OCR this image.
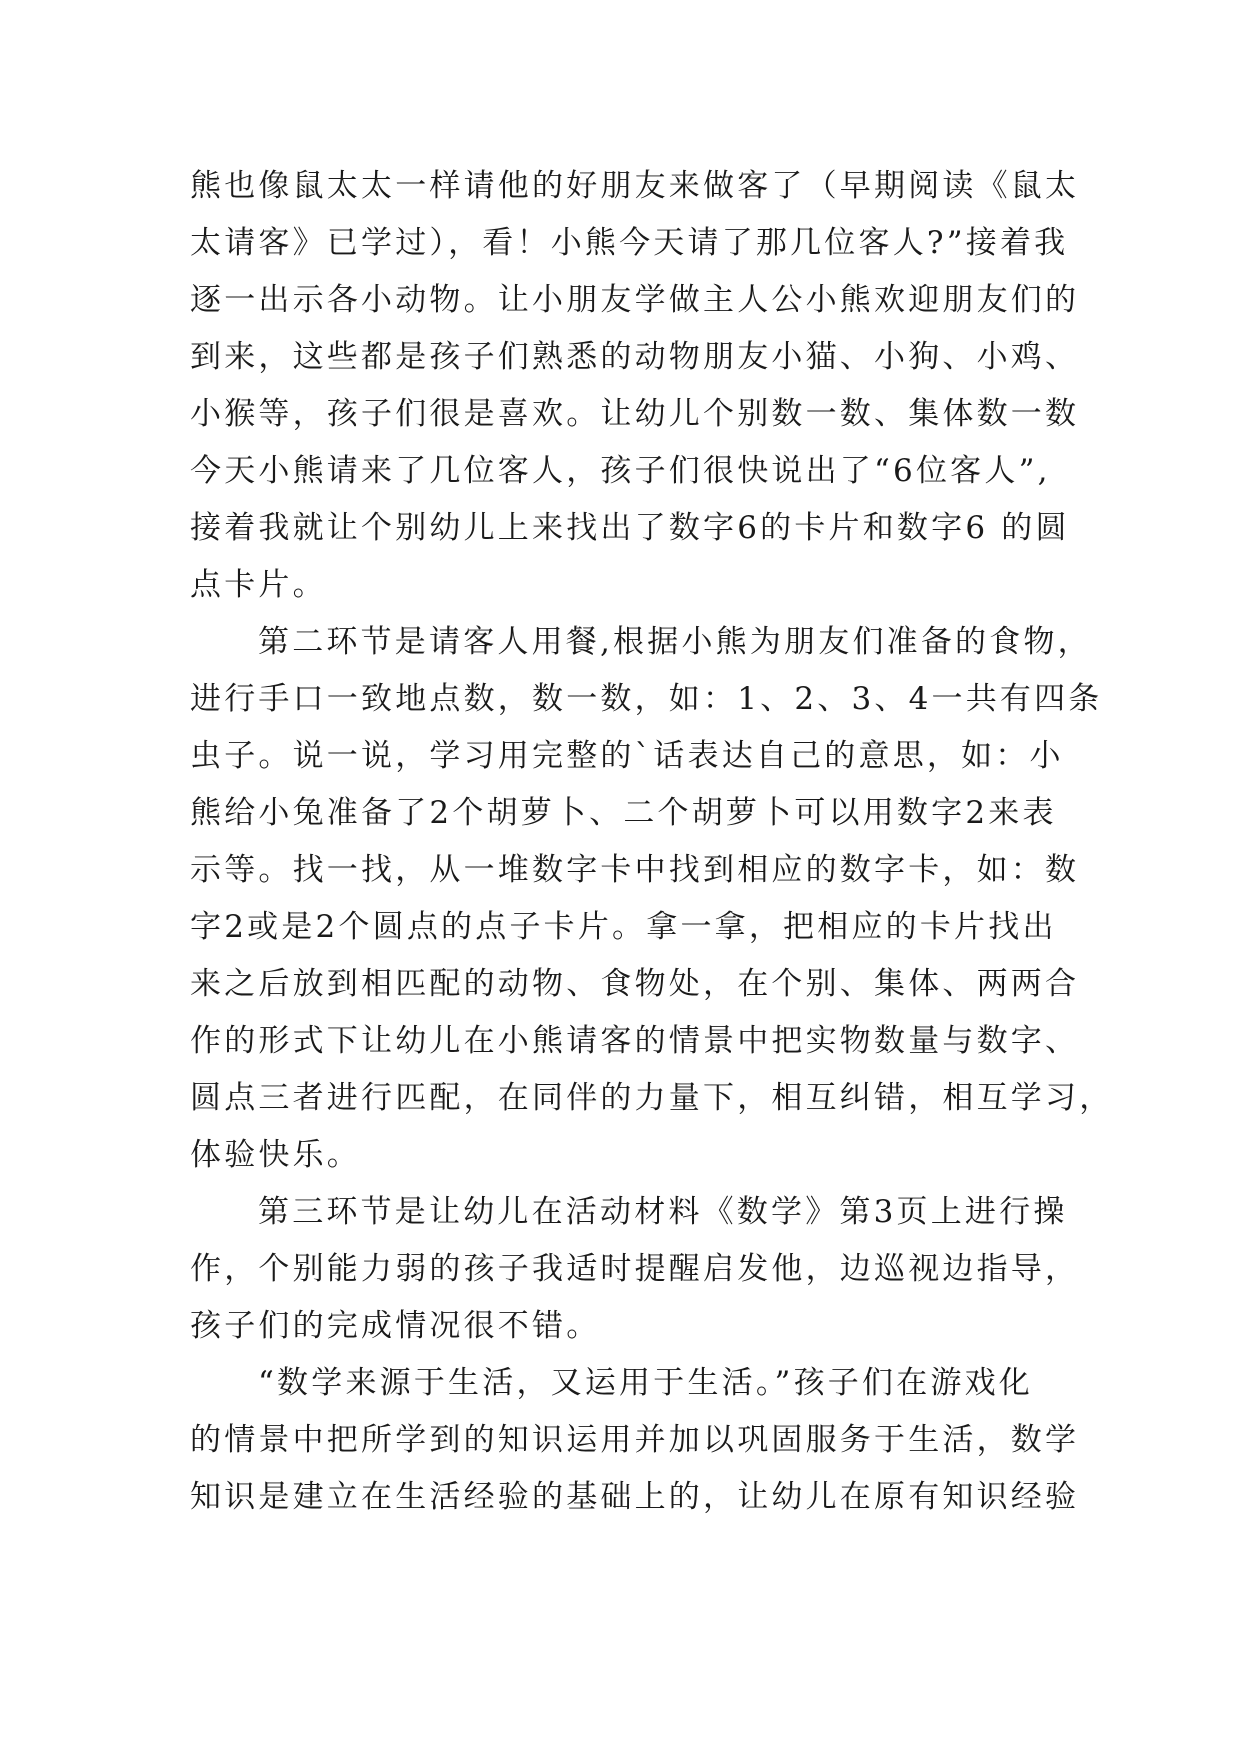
熊也像鼠太太一样请他的好朋友来做客了（早期阅读《鼠太
太请客》已学过），看！小熊今天请了那几位客人?”接着我
逐一出示各小动物。让小朋友学做主人公小熊欢迎朋友们的
到来，这些都是孩子们熟悉的动物朋友小猫、小狗、小鸡、
小猴等，孩子们很是喜欢。让幼儿个别数一数、集体数一数
今天小熊请来了几位客人，孩子们很快说出了“6位客人”,
接着我就让个别幼儿上来找出了数字6的卡片和数字6 的圆
点卡片。
第二环节是请客人用餐,根据小熊为朋友们准备的食物，
进行手口一致地点数，数一数，如：1、2、3、4一共有四条
虫子。说一说，学习用完整的`话表达自己的意思，如：小
熊给小兔准备了2个胡萝卜、二个胡萝卜可以用数字2来表
示等。找一找，从一堆数字卡中找到相应的数字卡，如：数
字2或是2个圆点的点子卡片。拿一拿，把相应的卡片找出
来之后放到相匹配的动物、食物处，在个别、集体、两两合
作的形式下让幼儿在小熊请客的情景中把实物数量与数字、
圆点三者进行匹配，在同伴的力量下，相互纠错，相互学习，
体验快乐。
第三环节是让幼儿在活动材料《数学》第3页上进行操
作，个别能力弱的孩子我适时提醒启发他，边巡视边指导，
孩子们的完成情况很不错。
“数学来源于生活，又运用于生活。”孩子们在游戏化
的情景中把所学到的知识运用并加以巩固服务于生活，数学
知识是建立在生活经验的基础上的，让幼儿在原有知识经验
